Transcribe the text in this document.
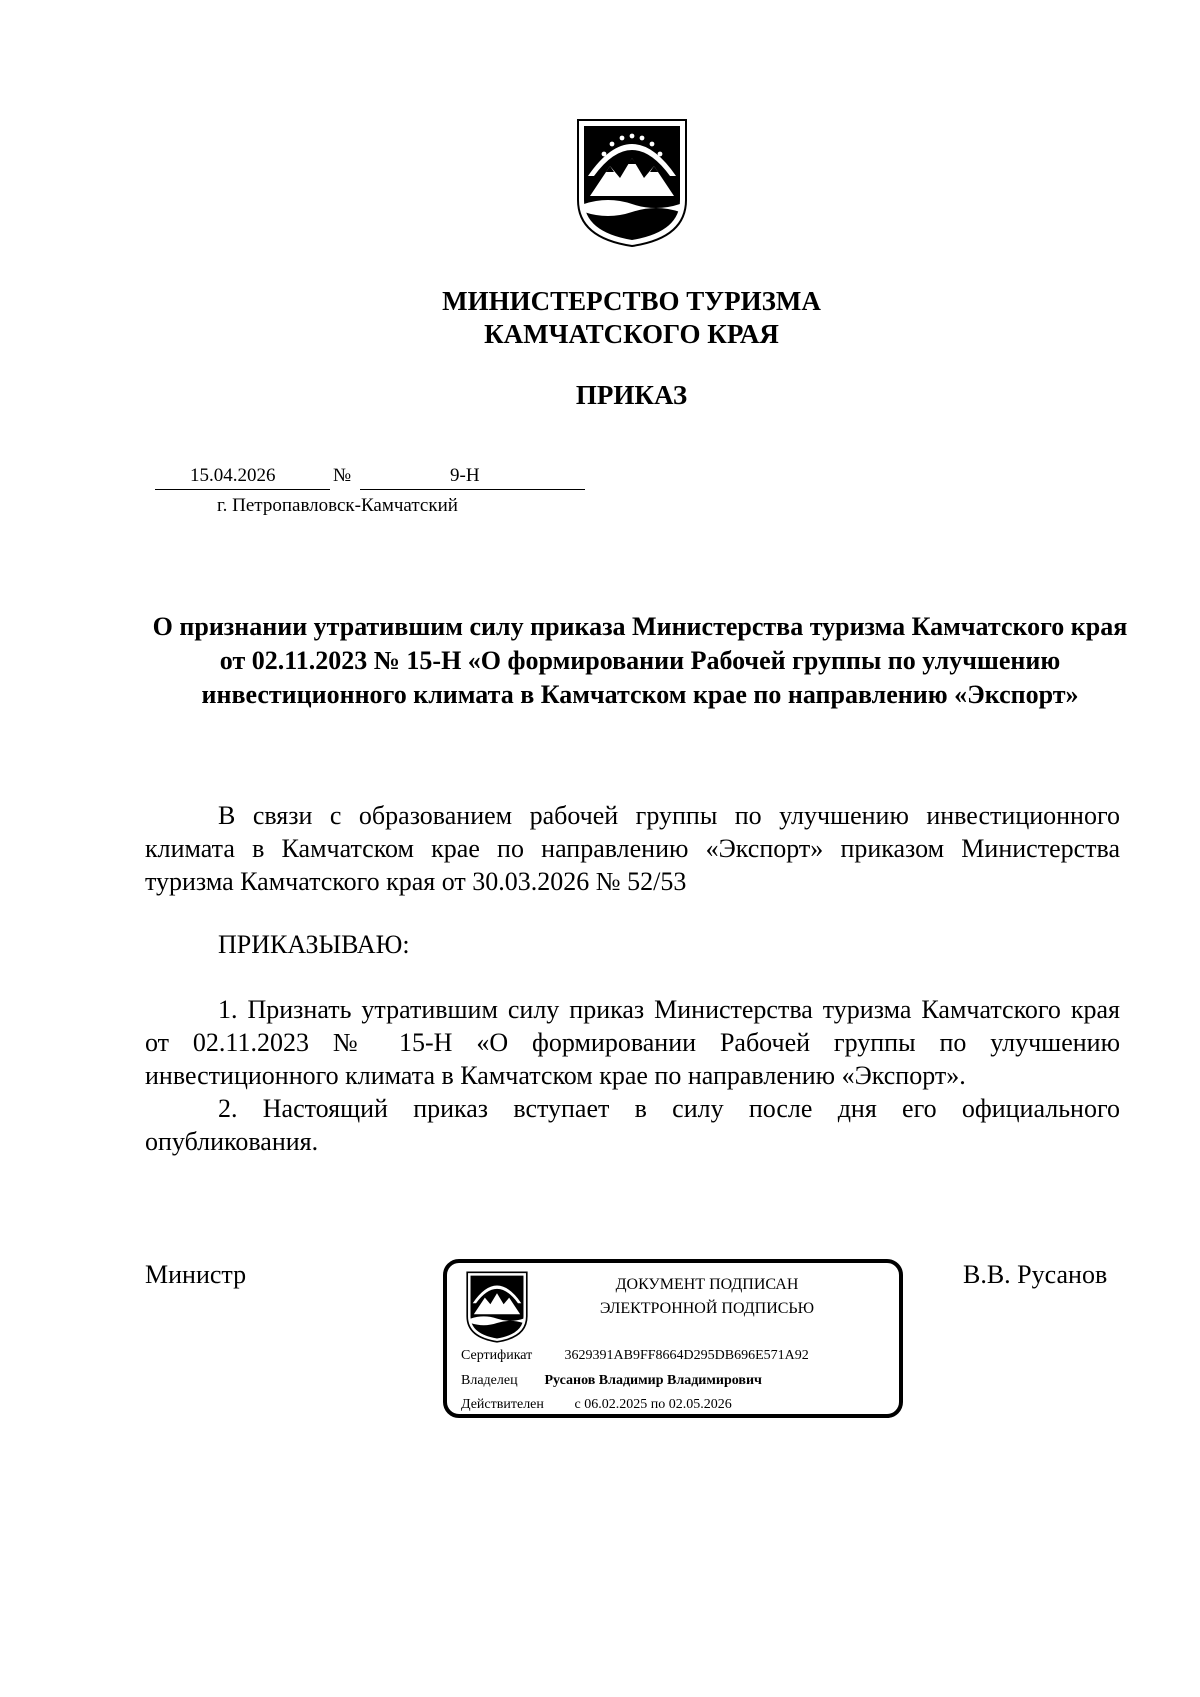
МИНИСТЕРСТВО ТУРИЗМА
КАМЧАТСКОГО КРАЯ
ПРИКАЗ
15.04.2026	№	9-Н
г. Петропавловск-Камчатский
О признании утратившим силу приказа Министерства туризма Камчатского края от 02.11.2023 № 15-Н «О формировании Рабочей группы по улучшению инвестиционного климата в Камчатском крае по направлению «Экспорт»

В связи с образованием рабочей группы по улучшению инвестиционного климата в Камчатском крае по направлению «Экспорт» приказом Министерства туризма Камчатского края от 30.03.2026 № 52/53

ПРИКАЗЫВАЮ:

1. Признать утратившим силу приказ Министерства туризма Камчатского края от 02.11.2023 № 15-Н «О формировании Рабочей группы по улучшению инвестиционного климата в Камчатском крае по направлению «Экспорт».

2. Настоящий приказ вступает в силу после дня его официального опубликования.

Министр	В.В. Русанов
ДОКУМЕНТ ПОДПИСАН
ЭЛЕКТРОННОЙ ПОДПИСЬЮ
Сертификат 3629391AB9FF8664D295DB696E571A92
Владелец Русанов Владимир Владимирович
Действителен с 06.02.2025 по 02.05.2026
